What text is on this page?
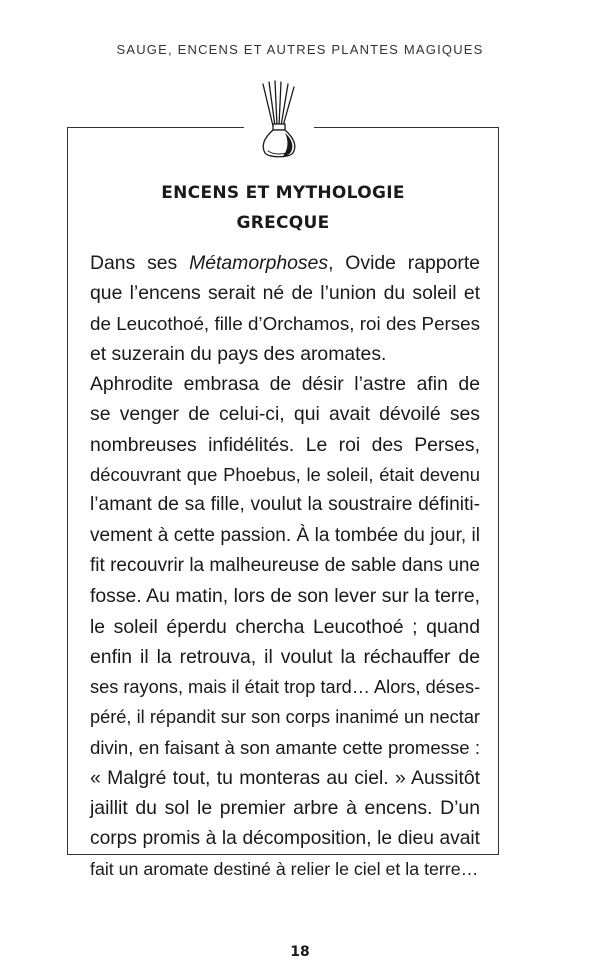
SAUGE, ENCENS ET AUTRES PLANTES MAGIQUES
ENCENS ET MYTHOLOGIE
GRECQUE
Dans ses Métamorphoses, Ovide rapporte
que l’encens serait né de l’union du soleil et
de Leucothoé, fille d’Orchamos, roi des Perses
et suzerain du pays des aromates.
Aphrodite embrasa de désir l’astre afin de
se venger de celui-ci, qui avait dévoilé ses
nombreuses infidélités. Le roi des Perses,
découvrant que Phoebus, le soleil, était devenu
l’amant de sa fille, voulut la soustraire définiti-
vement à cette passion. À la tombée du jour, il
fit recouvrir la malheureuse de sable dans une
fosse. Au matin, lors de son lever sur la terre,
le soleil éperdu chercha Leucothoé ; quand
enfin il la retrouva, il voulut la réchauffer de
ses rayons, mais il était trop tard… Alors, déses-
péré, il répandit sur son corps inanimé un nectar
divin, en faisant à son amante cette promesse :
« Malgré tout, tu monteras au ciel. » Aussitôt
jaillit du sol le premier arbre à encens. D’un
corps promis à la décomposition, le dieu avait
fait un aromate destiné à relier le ciel et la terre…
18
